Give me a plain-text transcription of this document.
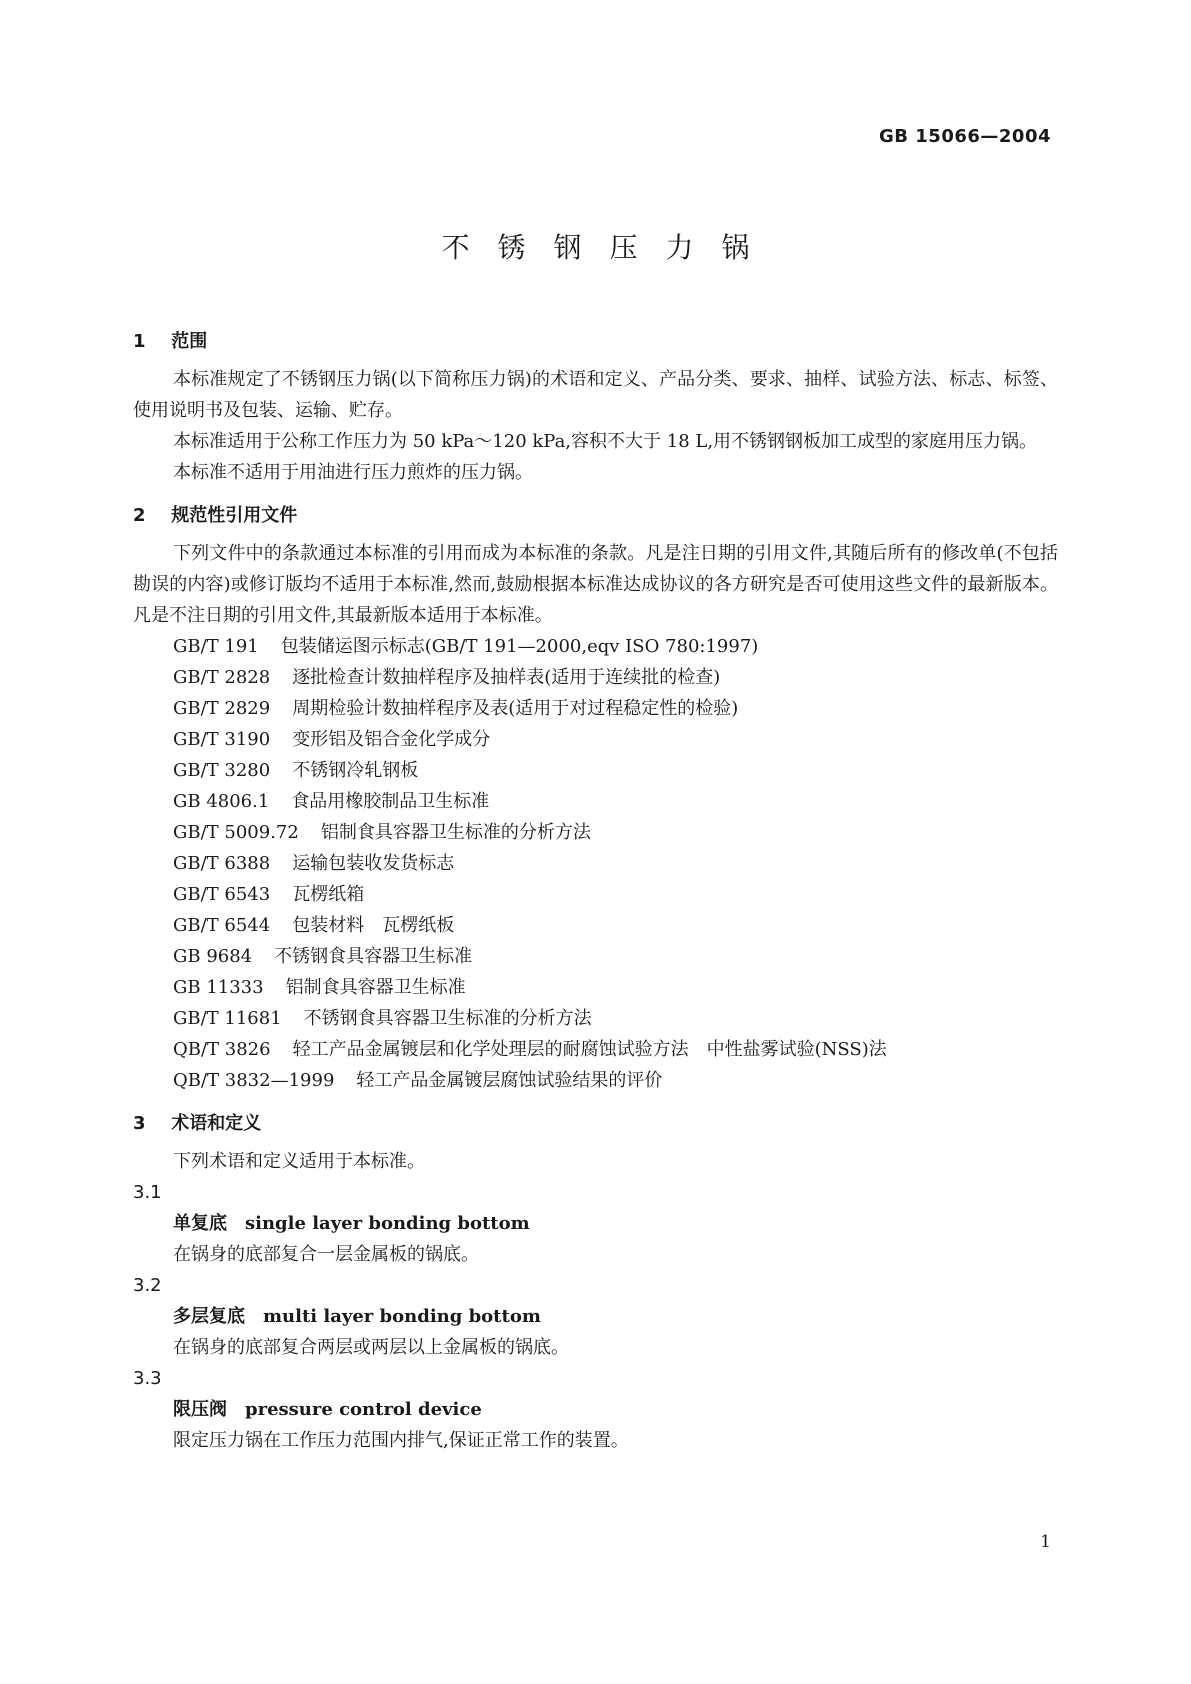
GB 15066—2004
不锈钢压力锅
1 范围

本标准规定了不锈钢压力锅(以下简称压力锅)的术语和定义、产品分类、要求、抽样、试验方法、标志、标签、使用说明书及包装、运输、贮存。

本标准适用于公称工作压力为 50 kPa～120 kPa,容积不大于 18 L,用不锈钢钢板加工成型的家庭用压力锅。

本标准不适用于用油进行压力煎炸的压力锅。

2 规范性引用文件

下列文件中的条款通过本标准的引用而成为本标准的条款。凡是注日期的引用文件,其随后所有的修改单(不包括勘误的内容)或修订版均不适用于本标准,然而,鼓励根据本标准达成协议的各方研究是否可使用这些文件的最新版本。凡是不注日期的引用文件,其最新版本适用于本标准。

GB/T 191 包装储运图示标志(GB/T 191—2000,eqv ISO 780:1997)
GB/T 2828 逐批检查计数抽样程序及抽样表(适用于连续批的检查)
GB/T 2829 周期检验计数抽样程序及表(适用于对过程稳定性的检验)
GB/T 3190 变形铝及铝合金化学成分
GB/T 3280 不锈钢冷轧钢板
GB 4806.1 食品用橡胶制品卫生标准
GB/T 5009.72 铝制食具容器卫生标准的分析方法
GB/T 6388 运输包装收发货标志
GB/T 6543 瓦楞纸箱
GB/T 6544 包装材料　瓦楞纸板
GB 9684 不锈钢食具容器卫生标准
GB 11333 铝制食具容器卫生标准
GB/T 11681 不锈钢食具容器卫生标准的分析方法
QB/T 3826 轻工产品金属镀层和化学处理层的耐腐蚀试验方法　中性盐雾试验(NSS)法
QB/T 3832—1999 轻工产品金属镀层腐蚀试验结果的评价
3 术语和定义

下列术语和定义适用于本标准。

3.1
单复底 single layer bonding bottom
在锅身的底部复合一层金属板的锅底。
3.2
多层复底 multi layer bonding bottom
在锅身的底部复合两层或两层以上金属板的锅底。
3.3
限压阀 pressure control device
限定压力锅在工作压力范围内排气,保证正常工作的装置。
1
